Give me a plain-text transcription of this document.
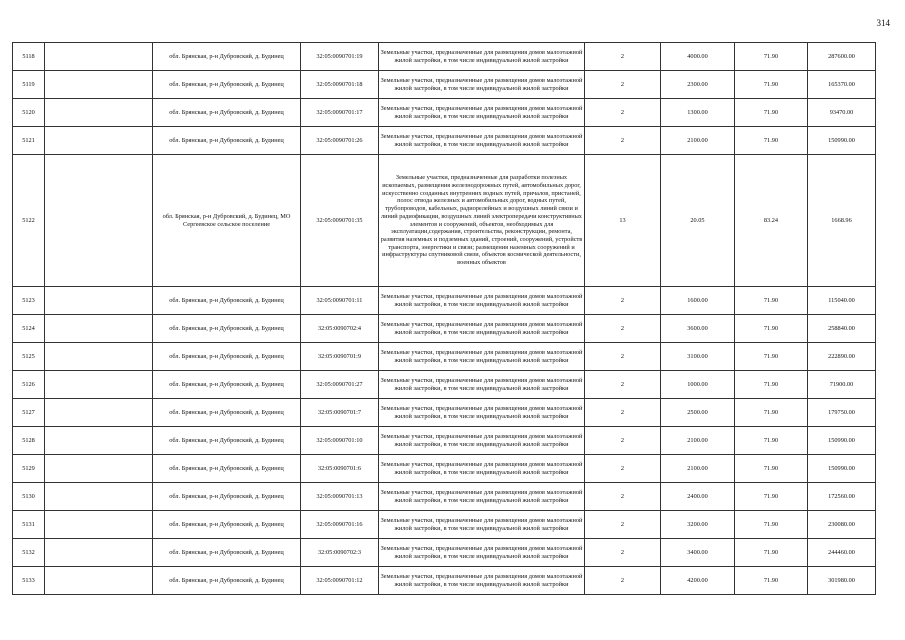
314
5118		обл. Брянская, р-н Дубровский, д. Будинец	32:05:0090701:19	Земельные участки, предназначенные для размещения домов малоэтажной жилой застройки, в том числе индивидуальной жилой застройки	2	4000.00	71.90	287600.00
5119		обл. Брянская, р-н Дубровский, д. Будинец	32:05:0090701:18	Земельные участки, предназначенные для размещения домов малоэтажной жилой застройки, в том числе индивидуальной жилой застройки	2	2300.00	71.90	165370.00
5120		обл. Брянская, р-н Дубровский, д. Будинец	32:05:0090701:17	Земельные участки, предназначенные для размещения домов малоэтажной жилой застройки, в том числе индивидуальной жилой застройки	2	1300.00	71.90	93470.00
5121		обл. Брянская, р-н Дубровский, д. Будинец	32:05:0090701:26	Земельные участки, предназначенные для размещения домов малоэтажной жилой застройки, в том числе индивидуальной жилой застройки	2	2100.00	71.90	150990.00
5122		обл. Брянская, р-н Дубровский, д. Будинец, МО Сергеевское сельское поселение	32:05:0090701:35	Земельные участки, предназначенные для разработки полезных ископаемых, размещения железнодорожных путей, автомобильных дорог, искусственно созданных внутренних водных путей, причалов, пристаней, полос отвода железных и автомобильных дорог, водных путей, трубопроводов, кабельных, радиорелейных и воздушных линий связи и линий радиофикации, воздушных линий электропередачи конструктивных элементов и сооружений, объектов, необходимых для эксплуатации,содержания, строительства, реконструкции, ремонта, развития наземных и подземных зданий, строений, сооружений, устройств транспорта, энергетики и связи; размещения наземных сооружений и инфраструктуры спутниковой связи, объектов космической деятельности, военных объектов	13	20.05	83.24	1668.96
5123		обл. Брянская, р-н Дубровский, д. Будинец	32:05:0090701:11	Земельные участки, предназначенные для размещения домов малоэтажной жилой застройки, в том числе индивидуальной жилой застройки	2	1600.00	71.90	115040.00
5124		обл. Брянская, р-н Дубровский, д. Будинец	32:05:0090702:4	Земельные участки, предназначенные для размещения домов малоэтажной жилой застройки, в том числе индивидуальной жилой застройки	2	3600.00	71.90	258840.00
5125		обл. Брянская, р-н Дубровский, д. Будинец	32:05:0090701:9	Земельные участки, предназначенные для размещения домов малоэтажной жилой застройки, в том числе индивидуальной жилой застройки	2	3100.00	71.90	222890.00
5126		обл. Брянская, р-н Дубровский, д. Будинец	32:05:0090701:27	Земельные участки, предназначенные для размещения домов малоэтажной жилой застройки, в том числе индивидуальной жилой застройки	2	1000.00	71.90	71900.00
5127		обл. Брянская, р-н Дубровский, д. Будинец	32:05:0090701:7	Земельные участки, предназначенные для размещения домов малоэтажной жилой застройки, в том числе индивидуальной жилой застройки	2	2500.00	71.90	179750.00
5128		обл. Брянская, р-н Дубровский, д. Будинец	32:05:0090701:10	Земельные участки, предназначенные для размещения домов малоэтажной жилой застройки, в том числе индивидуальной жилой застройки	2	2100.00	71.90	150990.00
5129		обл. Брянская, р-н Дубровский, д. Будинец	32:05:0090701:6	Земельные участки, предназначенные для размещения домов малоэтажной жилой застройки, в том числе индивидуальной жилой застройки	2	2100.00	71.90	150990.00
5130		обл. Брянская, р-н Дубровский, д. Будинец	32:05:0090701:13	Земельные участки, предназначенные для размещения домов малоэтажной жилой застройки, в том числе индивидуальной жилой застройки	2	2400.00	71.90	172560.00
5131		обл. Брянская, р-н Дубровский, д. Будинец	32:05:0090701:16	Земельные участки, предназначенные для размещения домов малоэтажной жилой застройки, в том числе индивидуальной жилой застройки	2	3200.00	71.90	230080.00
5132		обл. Брянская, р-н Дубровский, д. Будинец	32:05:0090702:3	Земельные участки, предназначенные для размещения домов малоэтажной жилой застройки, в том числе индивидуальной жилой застройки	2	3400.00	71.90	244460.00
5133		обл. Брянская, р-н Дубровский, д. Будинец	32:05:0090701:12	Земельные участки, предназначенные для размещения домов малоэтажной жилой застройки, в том числе индивидуальной жилой застройки	2	4200.00	71.90	301980.00
